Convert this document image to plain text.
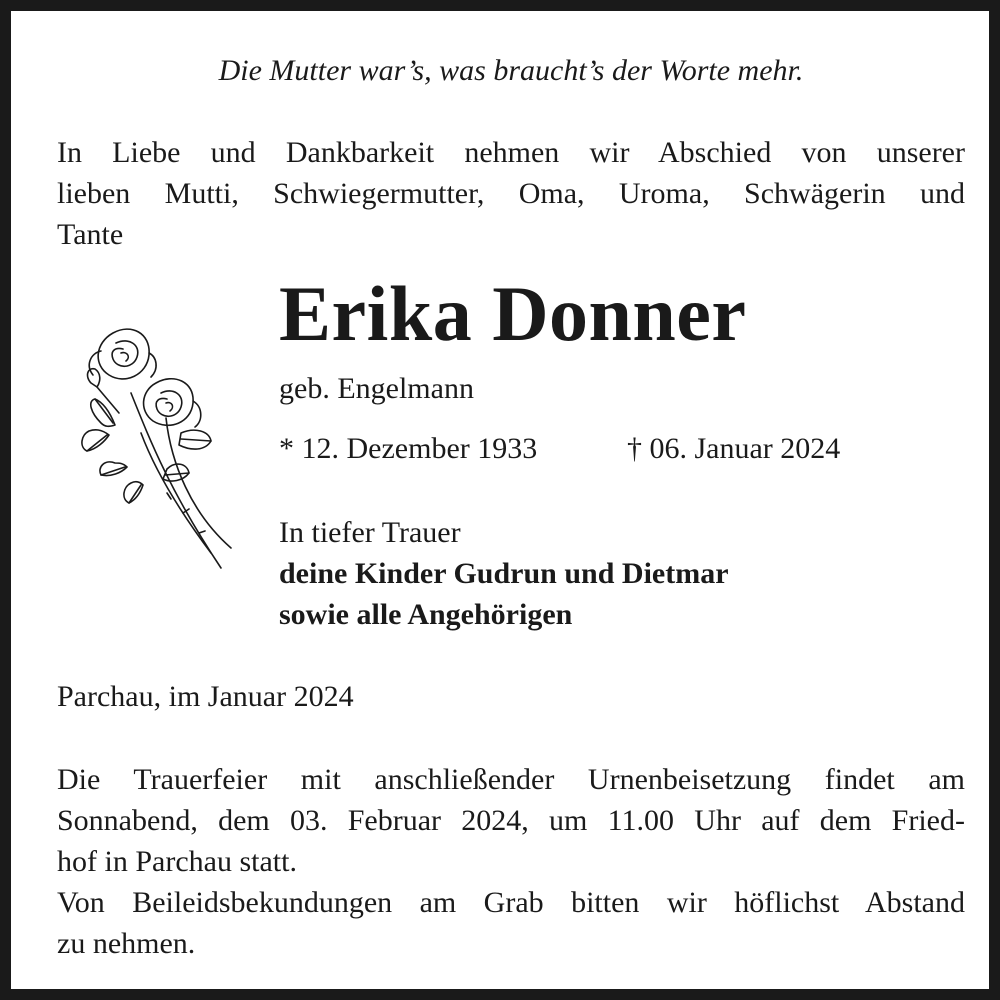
Die Mutter war’s, was braucht’s der Worte mehr.

In Liebe und Dankbarkeit nehmen wir Abschied von unserer
lieben Mutti, Schwiegermutter, Oma, Uroma, Schwägerin und
Tante

Erika Donner
geb. Engelmann
* 12. Dezember 1933	† 06. Januar 2024
In tiefer Trauer
deine Kinder Gudrun und Dietmar
sowie alle Angehörigen
Parchau, im Januar 2024

Die Trauerfeier mit anschließender Urnenbeisetzung findet am
Sonnabend, dem 03. Februar 2024, um 11.00 Uhr auf dem Fried-
hof in Parchau statt.
Von Beileidsbekundungen am Grab bitten wir höflichst Abstand
zu nehmen.
